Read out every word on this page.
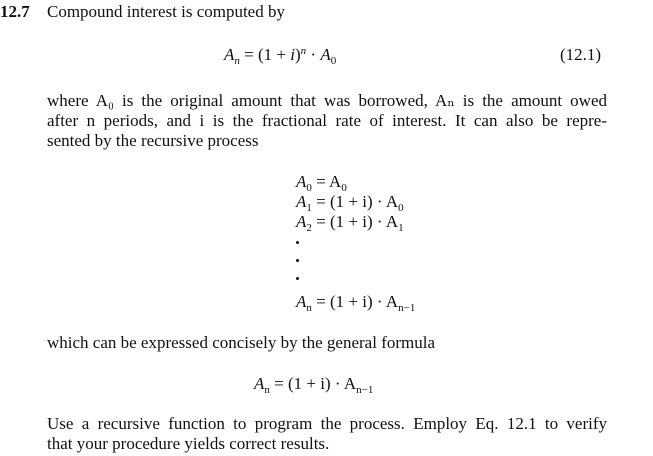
12.7 Compound interest is computed by
$A_n = (1 + i)^n \cdot A_0$	(12.1)
where A₀ is the original amount that was borrowed, Aₙ is the amount owed
after n periods, and i is the fractional rate of interest. It can also be repre-
sented by the recursive process
$A_0 = A_0$
$A_1 = (1 + i) \cdot A_0$
$A_2 = (1 + i) \cdot A_1$
$A_n = (1 + i) \cdot A_{n-1}$
which can be expressed concisely by the general formula
$A_n = (1 + i) \cdot A_{n-1}$
Use a recursive function to program the process. Employ Eq. 12.1 to verify
that your procedure yields correct results.
